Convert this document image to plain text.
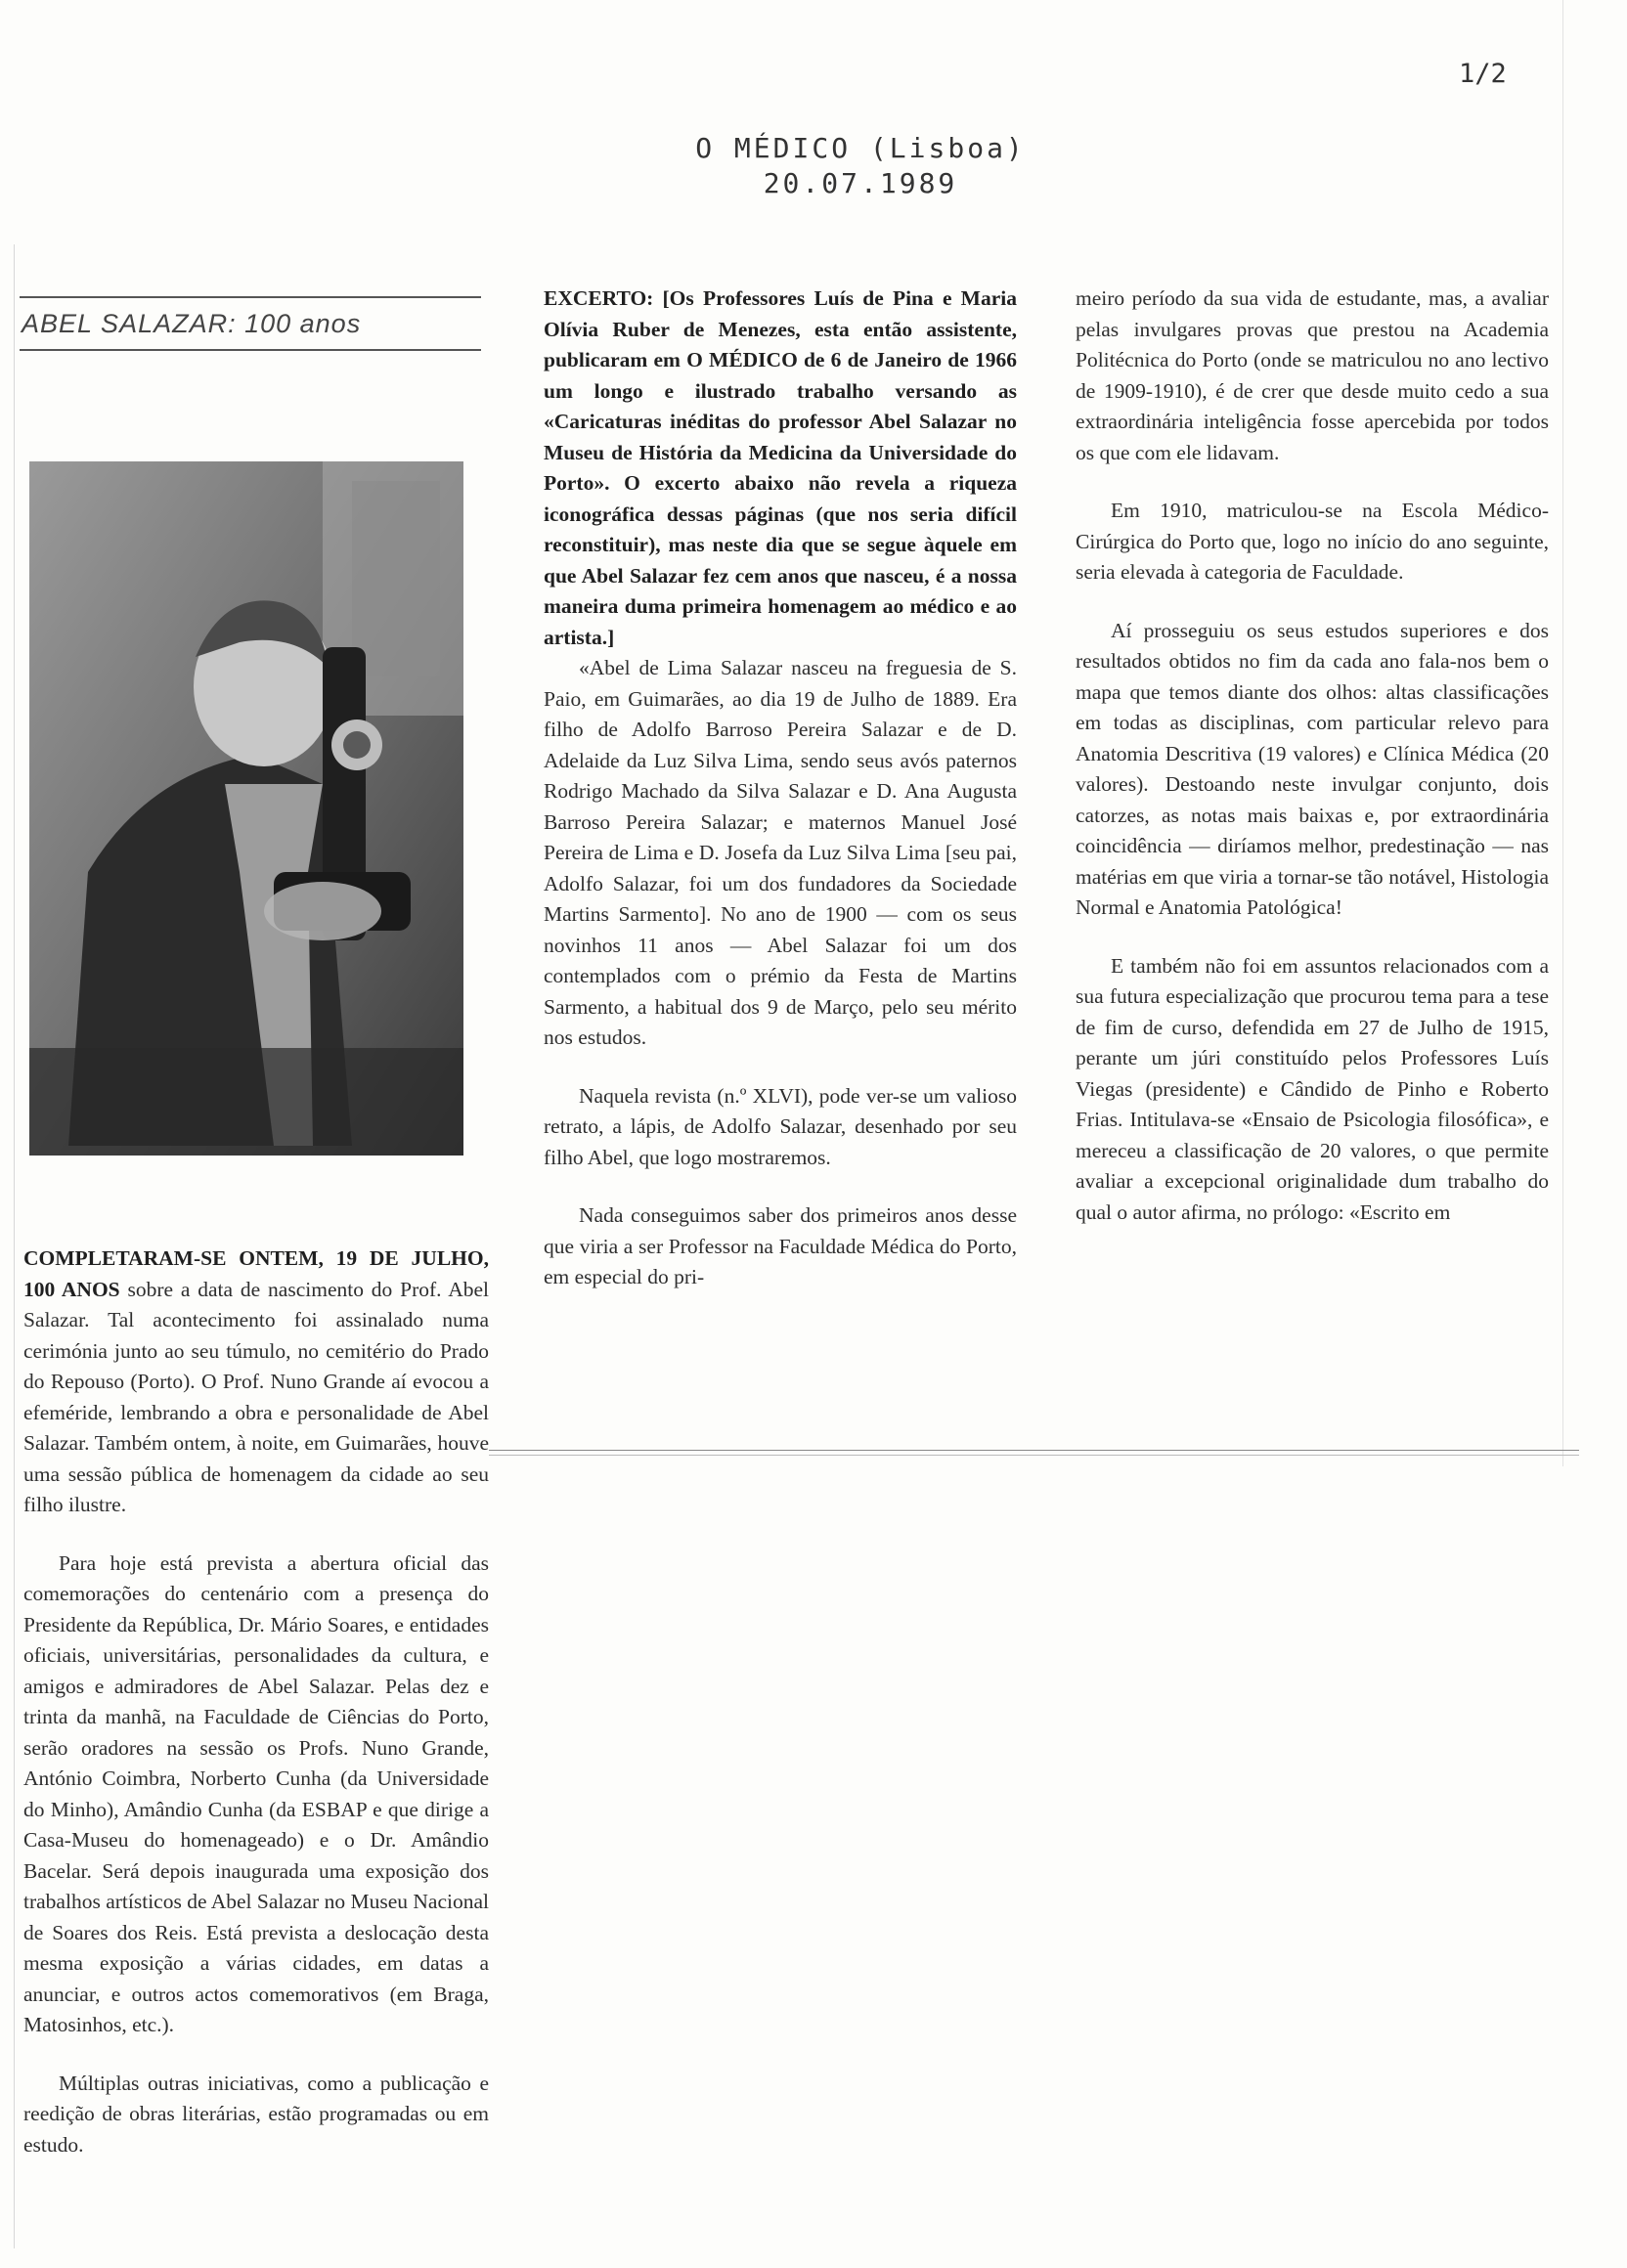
1/2
O MÉDICO (Lisboa)
20.07.1989
ABEL SALAZAR: 100 anos

COMPLETARAM-SE ONTEM, 19 DE JULHO, 100 ANOS sobre a data de nascimento do Prof. Abel Salazar. Tal acontecimento foi assinalado numa cerimónia junto ao seu túmulo, no cemitério do Prado do Repouso (Porto). O Prof. Nuno Grande aí evocou a efeméride, lembrando a obra e personalidade de Abel Salazar. Também ontem, à noite, em Guimarães, houve uma sessão pública de homenagem da cidade ao seu filho ilustre.

Para hoje está prevista a abertura oficial das comemorações do centenário com a presença do Presidente da República, Dr. Mário Soares, e entidades oficiais, universitárias, personalidades da cultura, e amigos e admiradores de Abel Salazar. Pelas dez e trinta da manhã, na Faculdade de Ciências do Porto, serão oradores na sessão os Profs. Nuno Grande, António Coimbra, Norberto Cunha (da Universidade do Minho), Amândio Cunha (da ESBAP e que dirige a Casa-Museu do homenageado) e o Dr. Amândio Bacelar. Será depois inaugurada uma exposição dos trabalhos artísticos de Abel Salazar no Museu Nacional de Soares dos Reis. Está prevista a deslocação desta mesma exposição a várias cidades, em datas a anunciar, e outros actos comemorativos (em Braga, Matosinhos, etc.).

Múltiplas outras iniciativas, como a publicação e reedição de obras literárias, estão programadas ou em estudo.

EXCERTO: [Os Professores Luís de Pina e Maria Olívia Ruber de Menezes, esta então assistente, publicaram em O MÉDICO de 6 de Janeiro de 1966 um longo e ilustrado trabalho versando as «Caricaturas inéditas do professor Abel Salazar no Museu de História da Medicina da Universidade do Porto». O excerto abaixo não revela a riqueza iconográfica dessas páginas (que nos seria difícil reconstituir), mas neste dia que se segue àquele em que Abel Salazar fez cem anos que nasceu, é a nossa maneira duma primeira homenagem ao médico e ao artista.]

«Abel de Lima Salazar nasceu na freguesia de S. Paio, em Guimarães, ao dia 19 de Julho de 1889. Era filho de Adolfo Barroso Pereira Salazar e de D. Adelaide da Luz Silva Lima, sendo seus avós paternos Rodrigo Machado da Silva Salazar e D. Ana Augusta Barroso Pereira Salazar; e maternos Manuel José Pereira de Lima e D. Josefa da Luz Silva Lima [seu pai, Adolfo Salazar, foi um dos fundadores da Sociedade Martins Sarmento]. No ano de 1900 — com os seus novinhos 11 anos — Abel Salazar foi um dos contemplados com o prémio da Festa de Martins Sarmento, a habitual dos 9 de Março, pelo seu mérito nos estudos.

Naquela revista (n.º XLVI), pode ver-se um valioso retrato, a lápis, de Adolfo Salazar, desenhado por seu filho Abel, que logo mostraremos.

Nada conseguimos saber dos primeiros anos desse que viria a ser Professor na Faculdade Médica do Porto, em especial do pri-

meiro período da sua vida de estudante, mas, a avaliar pelas invulgares provas que prestou na Academia Politécnica do Porto (onde se matriculou no ano lectivo de 1909-1910), é de crer que desde muito cedo a sua extraordinária inteligência fosse apercebida por todos os que com ele lidavam.

Em 1910, matriculou-se na Escola Médico-Cirúrgica do Porto que, logo no início do ano seguinte, seria elevada à categoria de Faculdade.

Aí prosseguiu os seus estudos superiores e dos resultados obtidos no fim da cada ano fala-nos bem o mapa que temos diante dos olhos: altas classificações em todas as disciplinas, com particular relevo para Anatomia Descritiva (19 valores) e Clínica Médica (20 valores). Destoando neste invulgar conjunto, dois catorzes, as notas mais baixas e, por extraordinária coincidência — diríamos melhor, predestinação — nas matérias em que viria a tornar-se tão notável, Histologia Normal e Anatomia Patológica!

E também não foi em assuntos relacionados com a sua futura especialização que procurou tema para a tese de fim de curso, defendida em 27 de Julho de 1915, perante um júri constituído pelos Professores Luís Viegas (presidente) e Cândido de Pinho e Roberto Frias. Intitulava-se «Ensaio de Psicologia filosófica», e mereceu a classificação de 20 valores, o que permite avaliar a excepcional originalidade dum trabalho do qual o autor afirma, no prólogo: «Escrito em
